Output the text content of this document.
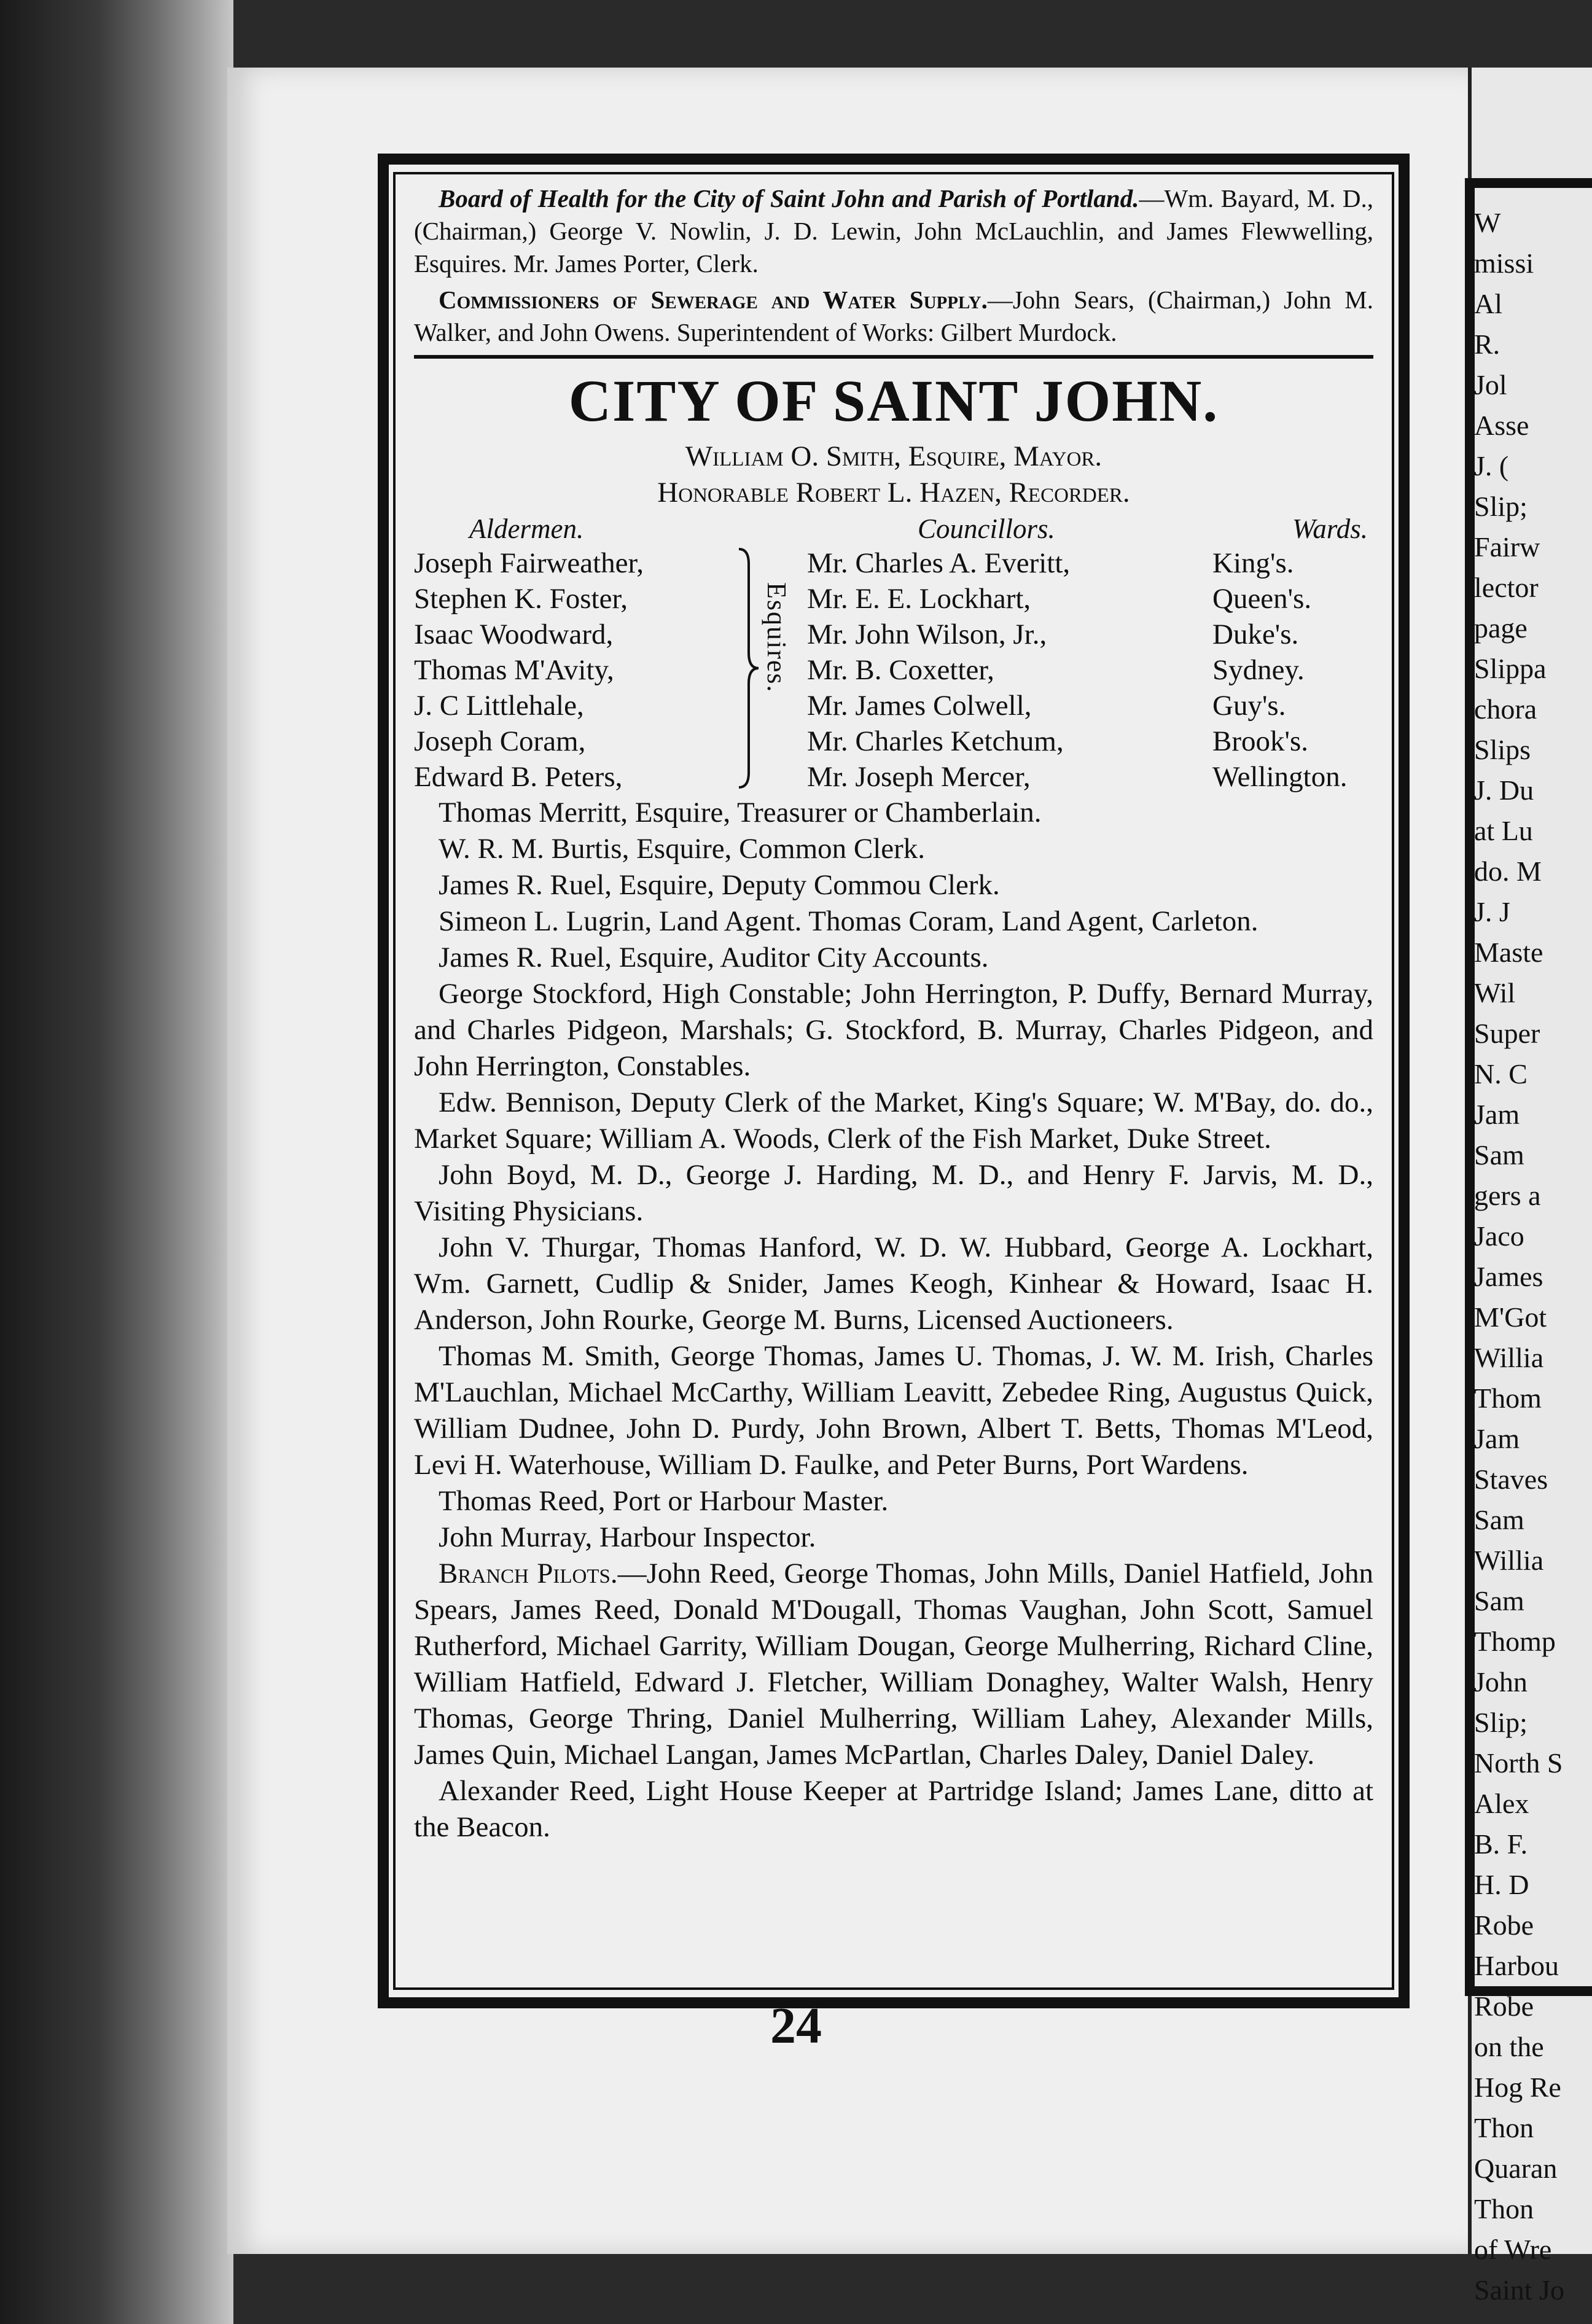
W
missi
Al
R.
Jol
Asse
J. (
Slip;
Fairw
lector
page
Slippa
chora
Slips
J. Du
at Lu
do. M
J. J
Maste
Wil
Super
N. C
Jam
Sam
gers a
Jaco
James
M'Got
Willia
Thom
Jam
Staves
Sam
Willia
Sam
Thomp
John
Slip;
North S
Alex
B. F.
H. D
Robe
Harbou
Robe
on the
Hog Re
Thon
Quaran
Thon
of Wre
Saint Jo

Board of Health for the City of Saint John and Parish of Portland.—Wm. Bayard, M. D., (Chairman,) George V. Nowlin, J. D. Lewin, John McLauchlin, and James Flewwelling, Esquires. Mr. James Porter, Clerk.

Commissioners of Sewerage and Water Supply.—John Sears, (Chairman,) John M. Walker, and John Owens. Superintendent of Works: Gilbert Murdock.

CITY OF SAINT JOHN.

William O. Smith, Esquire, Mayor.

Honorable Robert L. Hazen, Recorder.

Aldermen.	Councillors.	Wards.
Joseph Fairweather,
Stephen K. Foster,
Isaac Woodward,
Thomas M'Avity,
J. C Littlehale,
Joseph Coram,
Edward B. Peters,
Esquires.
Mr. Charles A. Everitt,
Mr. E. E. Lockhart,
Mr. John Wilson, Jr.,
Mr. B. Coxetter,
Mr. James Colwell,
Mr. Charles Ketchum,
Mr. Joseph Mercer,
King's.
Queen's.
Duke's.
Sydney.
Guy's.
Brook's.
Wellington.

Thomas Merritt, Esquire, Treasurer or Chamberlain.

W. R. M. Burtis, Esquire, Common Clerk.

James R. Ruel, Esquire, Deputy Commou Clerk.

Simeon L. Lugrin, Land Agent. Thomas Coram, Land Agent, Carleton.

James R. Ruel, Esquire, Auditor City Accounts.

George Stockford, High Constable; John Herrington, P. Duffy, Bernard Murray, and Charles Pidgeon, Marshals; G. Stockford, B. Murray, Charles Pidgeon, and John Herrington, Constables.

Edw. Bennison, Deputy Clerk of the Market, King's Square; W. M'Bay, do. do., Market Square; William A. Woods, Clerk of the Fish Market, Duke Street.

John Boyd, M. D., George J. Harding, M. D., and Henry F. Jarvis, M. D., Visiting Physicians.

John V. Thurgar, Thomas Hanford, W. D. W. Hubbard, George A. Lockhart, Wm. Garnett, Cudlip & Snider, James Keogh, Kinhear & Howard, Isaac H. Anderson, John Rourke, George M. Burns, Licensed Auctioneers.

Thomas M. Smith, George Thomas, James U. Thomas, J. W. M. Irish, Charles M'Lauchlan, Michael McCarthy, William Leavitt, Zebedee Ring, Augustus Quick, William Dudnee, John D. Purdy, John Brown, Albert T. Betts, Thomas M'Leod, Levi H. Waterhouse, William D. Faulke, and Peter Burns, Port Wardens.

Thomas Reed, Port or Harbour Master.

John Murray, Harbour Inspector.

Branch Pilots.—John Reed, George Thomas, John Mills, Daniel Hatfield, John Spears, James Reed, Donald M'Dougall, Thomas Vaughan, John Scott, Samuel Rutherford, Michael Garrity, William Dougan, George Mulherring, Richard Cline, William Hatfield, Edward J. Fletcher, William Donaghey, Walter Walsh, Henry Thomas, George Thring, Daniel Mulherring, William Lahey, Alexander Mills, James Quin, Michael Langan, James McPartlan, Charles Daley, Daniel Daley.

Alexander Reed, Light House Keeper at Partridge Island; James Lane, ditto at the Beacon.

24
